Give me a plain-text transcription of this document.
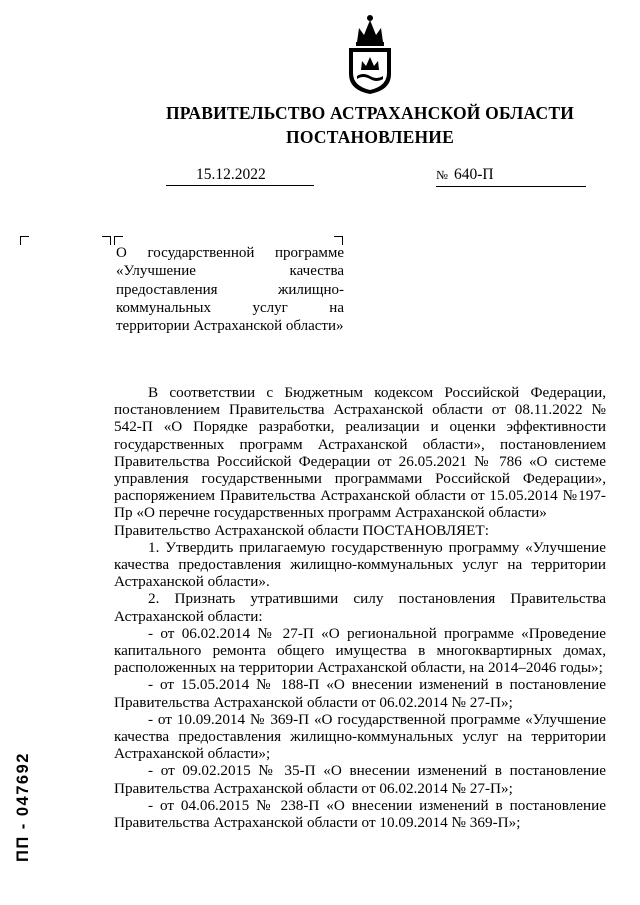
ПРАВИТЕЛЬСТВО АСТРАХАНСКОЙ ОБЛАСТИ
ПОСТАНОВЛЕНИЕ
15.12.2022	№ 640-П
О государственной программе «Улучшение качества предоставления жилищно-коммунальных услуг на территории Астраханской области»

В соответствии с Бюджетным кодексом Российской Федерации, постановлением Правительства Астраханской области от 08.11.2022 № 542-П «О Порядке разработки, реализации и оценки эффективности государственных программ Астраханской области», постановлением Правительства Российской Федерации от 26.05.2021 № 786 «О системе управления государственными программами Российской Федерации», распоряжением Правительства Астраханской области от 15.05.2014 №197-Пр «О перечне государственных программ Астраханской области»

Правительство Астраханской области ПОСТАНОВЛЯЕТ:

1. Утвердить прилагаемую государственную программу «Улучшение качества предоставления жилищно-коммунальных услуг на территории Астраханской области».

2. Признать утратившими силу постановления Правительства Астраханской области:

- от 06.02.2014 № 27-П «О региональной программе «Проведение капитального ремонта общего имущества в многоквартирных домах, расположенных на территории Астраханской области, на 2014–2046 годы»;

- от 15.05.2014 № 188-П «О внесении изменений в постановление Правительства Астраханской области от 06.02.2014 № 27-П»;

- от 10.09.2014 № 369-П «О государственной программе «Улучшение качества предоставления жилищно-коммунальных услуг на территории Астраханской области»;

- от 09.02.2015 № 35-П «О внесении изменений в постановление Правительства Астраханской области от 06.02.2014 № 27-П»;

- от 04.06.2015 № 238-П «О внесении изменений в постановление Правительства Астраханской области от 10.09.2014 № 369-П»;

ПП - 047692
